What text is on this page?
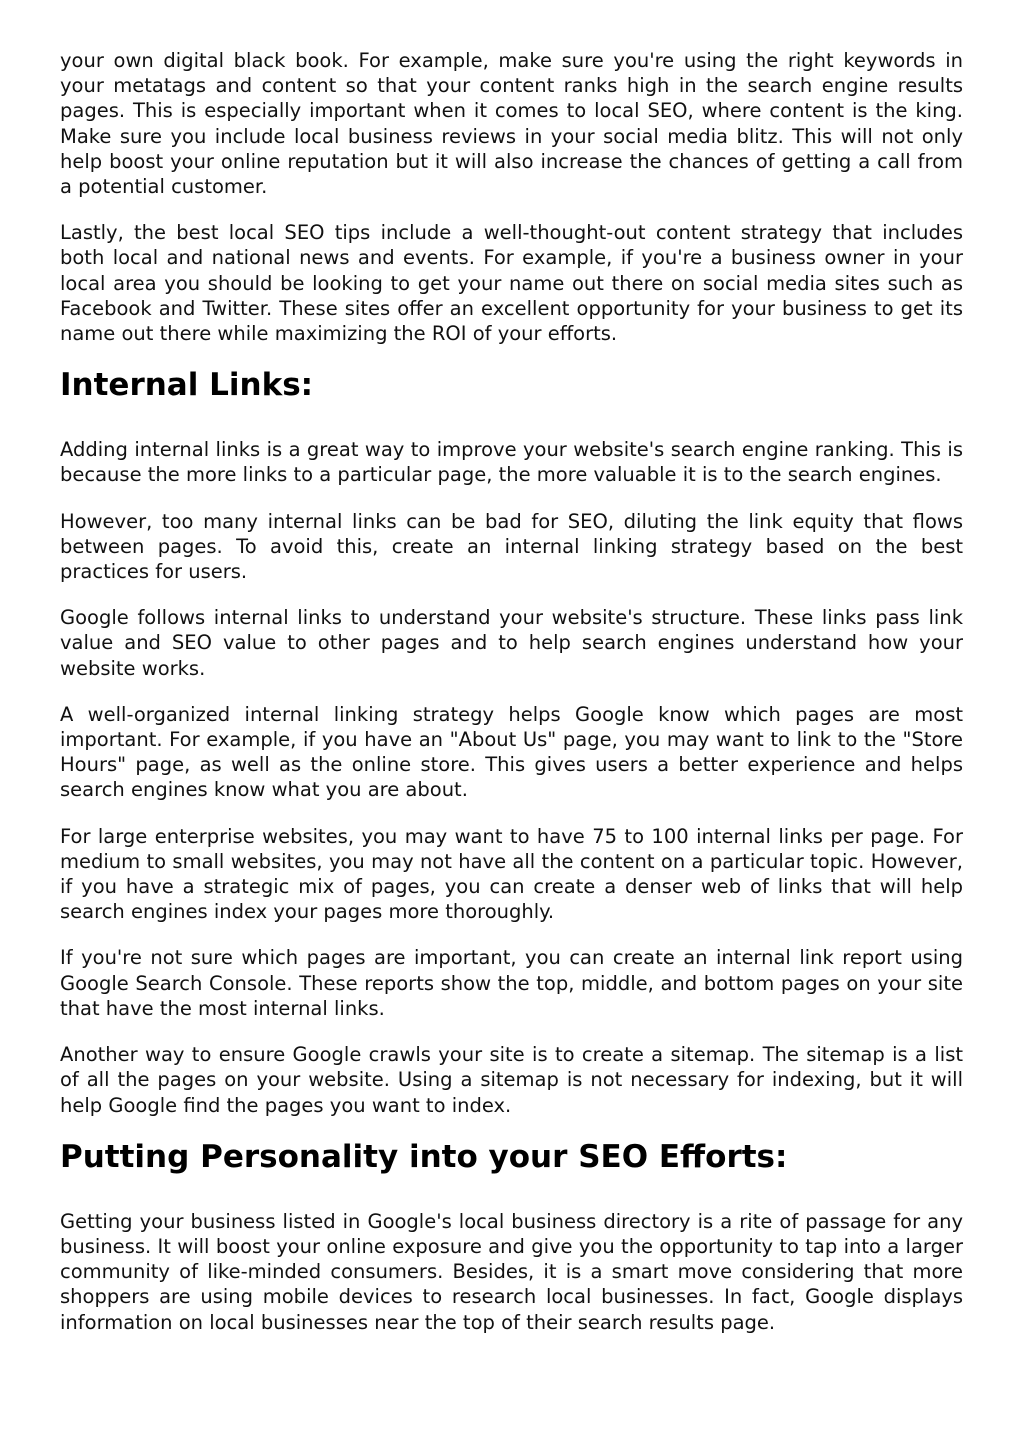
your own digital black book. For example, make sure you're using the right keywords in your metatags and content so that your content ranks high in the search engine results pages. This is especially important when it comes to local SEO, where content is the king. Make sure you include local business reviews in your social media blitz. This will not only help boost your online reputation but it will also increase the chances of getting a call from a potential customer.

Lastly, the best local SEO tips include a well-thought-out content strategy that includes both local and national news and events. For example, if you're a business owner in your local area you should be looking to get your name out there on social media sites such as Facebook and Twitter. These sites offer an excellent opportunity for your business to get its name out there while maximizing the ROI of your efforts.

Internal Links:

Adding internal links is a great way to improve your website's search engine ranking. This is because the more links to a particular page, the more valuable it is to the search engines.

However, too many internal links can be bad for SEO, diluting the link equity that flows between pages. To avoid this, create an internal linking strategy based on the best practices for users.

Google follows internal links to understand your website's structure. These links pass link value and SEO value to other pages and to help search engines understand how your website works.

A well-organized internal linking strategy helps Google know which pages are most important. For example, if you have an "About Us" page, you may want to link to the "Store Hours" page, as well as the online store. This gives users a better experience and helps search engines know what you are about.

For large enterprise websites, you may want to have 75 to 100 internal links per page. For medium to small websites, you may not have all the content on a particular topic. However, if you have a strategic mix of pages, you can create a denser web of links that will help search engines index your pages more thoroughly.

If you're not sure which pages are important, you can create an internal link report using Google Search Console. These reports show the top, middle, and bottom pages on your site that have the most internal links.

Another way to ensure Google crawls your site is to create a sitemap. The sitemap is a list of all the pages on your website. Using a sitemap is not necessary for indexing, but it will help Google find the pages you want to index.

Putting Personality into your SEO Efforts:

Getting your business listed in Google's local business directory is a rite of passage for any business. It will boost your online exposure and give you the opportunity to tap into a larger community of like-minded consumers. Besides, it is a smart move considering that more shoppers are using mobile devices to research local businesses. In fact, Google displays information on local businesses near the top of their search results page.
